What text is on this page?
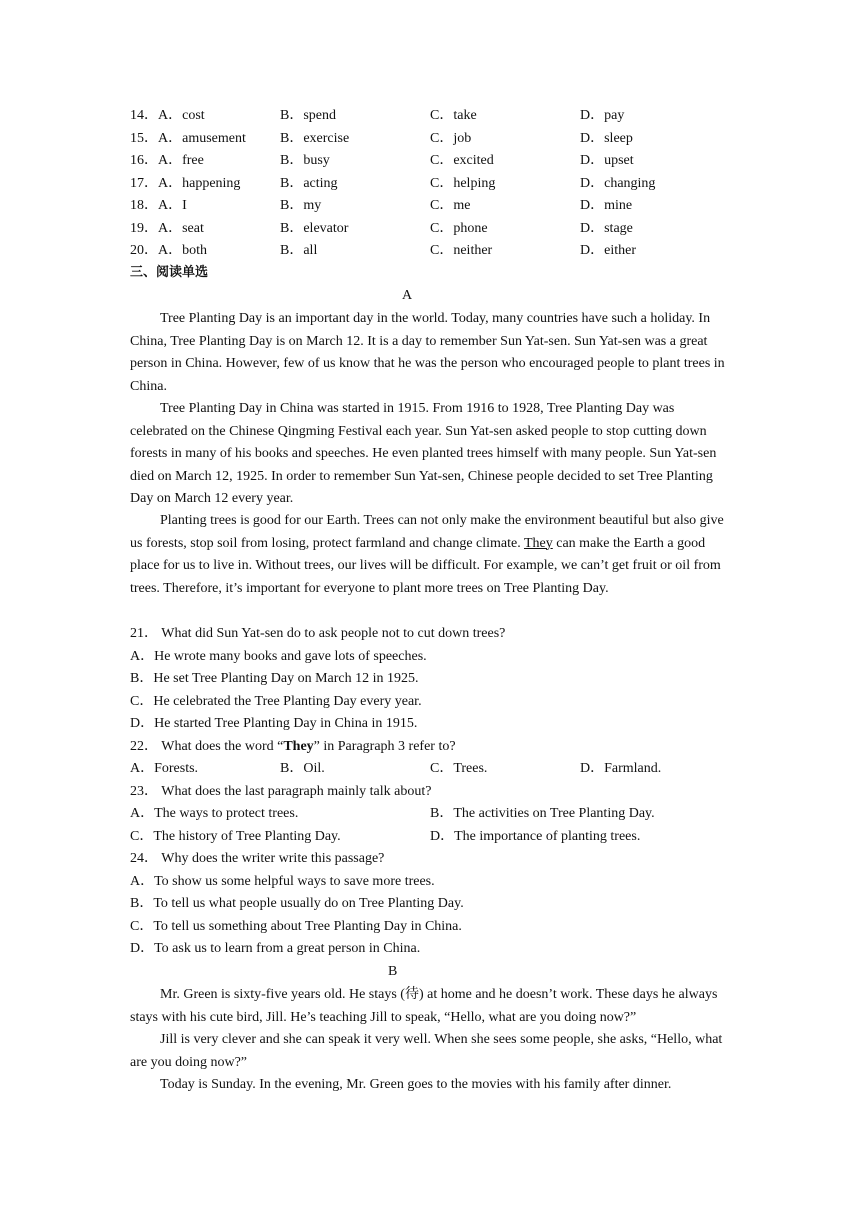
14．A．cost	B．spend	C．take	D．pay
15．A．amusement B．exercise	C．job	D．sleep
16．A．free	B．busy	C．excited	D．upset
17．A．happening	B．acting	C．helping	D．changing
18．A．I	B．my	C．me	D．mine
19．A．seat	B．elevator	C．phone	D．stage
20．A．both	B．all	C．neither	D．either
三、阅读单选
A
Tree Planting Day is an important day in the world. Today, many countries have such a holiday. In China, Tree Planting Day is on March 12. It is a day to remember Sun Yat-sen. Sun Yat-sen was a great person in China. However, few of us know that he was the person who encouraged people to plant trees in China.
Tree Planting Day in China was started in 1915. From 1916 to 1928, Tree Planting Day was celebrated on the Chinese Qingming Festival each year. Sun Yat-sen asked people to stop cutting down forests in many of his books and speeches. He even planted trees himself with many people. Sun Yat-sen died on March 12, 1925. In order to remember Sun Yat-sen, Chinese people decided to set Tree Planting Day on March 12 every year.
Planting trees is good for our Earth. Trees can not only make the environment beautiful but also give us forests, stop soil from losing, protect farmland and change climate. They can make the Earth a good place for us to live in. Without trees, our lives will be difficult. For example, we can’t get fruit or oil from trees. Therefore, it’s important for everyone to plant more trees on Tree Planting Day.
21． What did Sun Yat-sen do to ask people not to cut down trees?
A．He wrote many books and gave lots of speeches.
B．He set Tree Planting Day on March 12 in 1925.
C．He celebrated the Tree Planting Day every year.
D．He started Tree Planting Day in China in 1915.
22． What does the word “They” in Paragraph 3 refer to?
A．Forests.	B．Oil.	C．Trees.	D．Farmland.
23． What does the last paragraph mainly talk about?
A．The ways to protect trees.	B．The activities on Tree Planting Day.
C．The history of Tree Planting Day.	D．The importance of planting trees.
24． Why does the writer write this passage?
A．To show us some helpful ways to save more trees.
B．To tell us what people usually do on Tree Planting Day.
C．To tell us something about Tree Planting Day in China.
D．To ask us to learn from a great person in China.
B
Mr. Green is sixty-five years old. He stays (待) at home and he doesn’t work. These days he always stays with his cute bird, Jill. He’s teaching Jill to speak, “Hello, what are you doing now?”
Jill is very clever and she can speak it very well. When she sees some people, she asks, “Hello, what are you doing now?”
Today is Sunday. In the evening, Mr. Green goes to the movies with his family after dinner.
